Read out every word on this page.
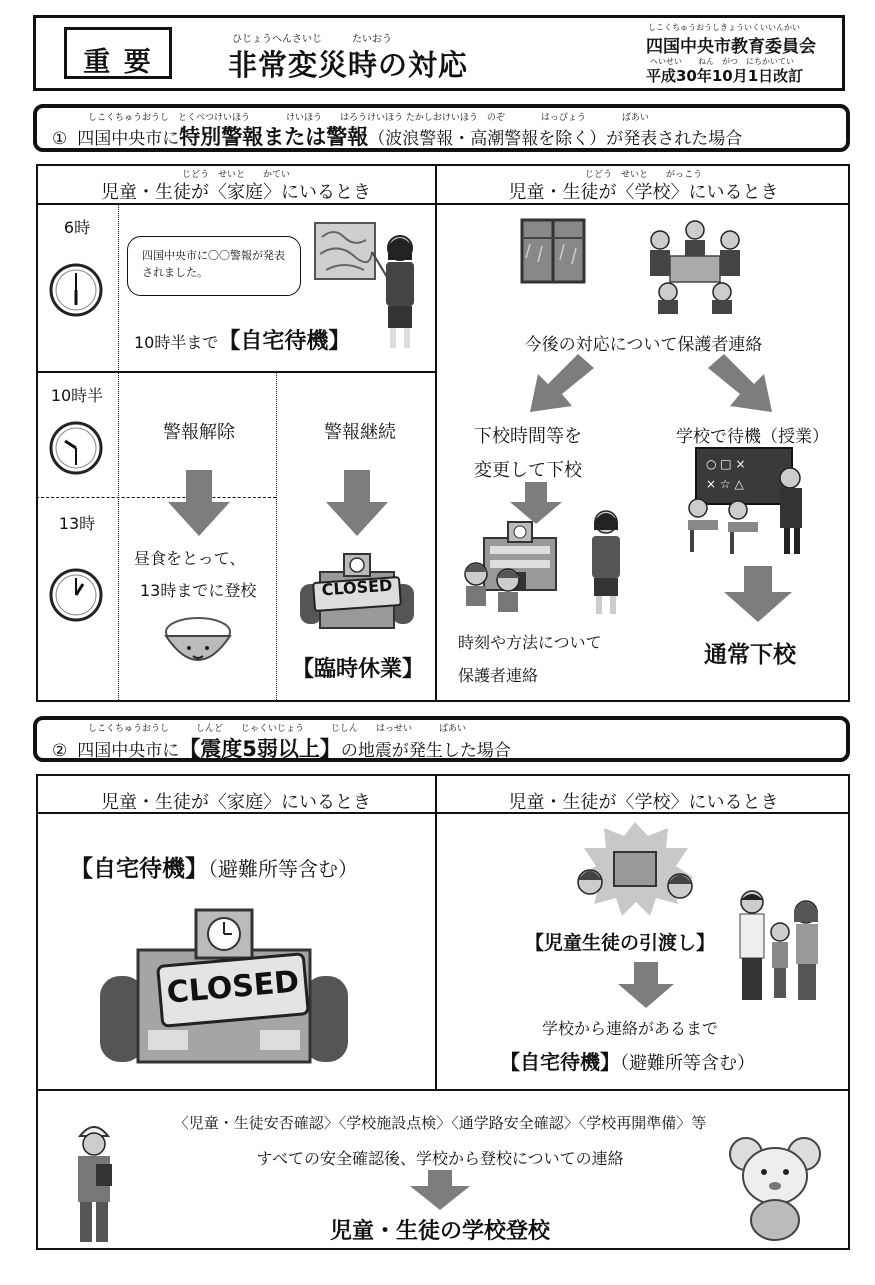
重 要
ひじょうへんさいじ　　　たいおう
非常変災時の対応
しこくちゅうおうしきょういくいいんかい
四国中央市教育委員会
へいせい　　ねん　がつ　にちかいてい
平成30年10月1日改訂
しこくちゅうおうし　とくべつけいほう　　　　けいほう　　はろうけいほう たかしおけいほう　のぞ　　　　はっぴょう　　　　ばあい
① 四国中央市に特別警報または警報（波浪警報・高潮警報を除く）が発表された場合
じどう　せいと　　かてい
児童・生徒が〈家庭〉にいるとき
じどう　せいと　　がっこう
児童・生徒が〈学校〉にいるとき
6時
10時半
13時
四国中央市に〇〇警報が発表されました。
10時半まで【自宅待機】
警報解除	警報継続
昼食をとって、
13時までに登校	CLOSED
【臨時休業】
今後の対応について保護者連絡
下校時間等を
変更して下校
学校で待機（授業）
○ □ ×
× ☆ △
時刻や方法について
保護者連絡
通常下校
しこくちゅうおうし　　　しんど　　じゃくいじょう　　　じしん　　はっせい　　　ばあい
② 四国中央市に【震度5弱以上】の地震が発生した場合
児童・生徒が〈家庭〉にいるとき	児童・生徒が〈学校〉にいるとき
【自宅待機】（避難所等含む）
CLOSED
【児童生徒の引渡し】
学校から連絡があるまで
【自宅待機】（避難所等含む）
〈児童・生徒安否確認〉〈学校施設点検〉〈通学路安全確認〉〈学校再開準備〉等
すべての安全確認後、学校から登校についての連絡
児童・生徒の学校登校
